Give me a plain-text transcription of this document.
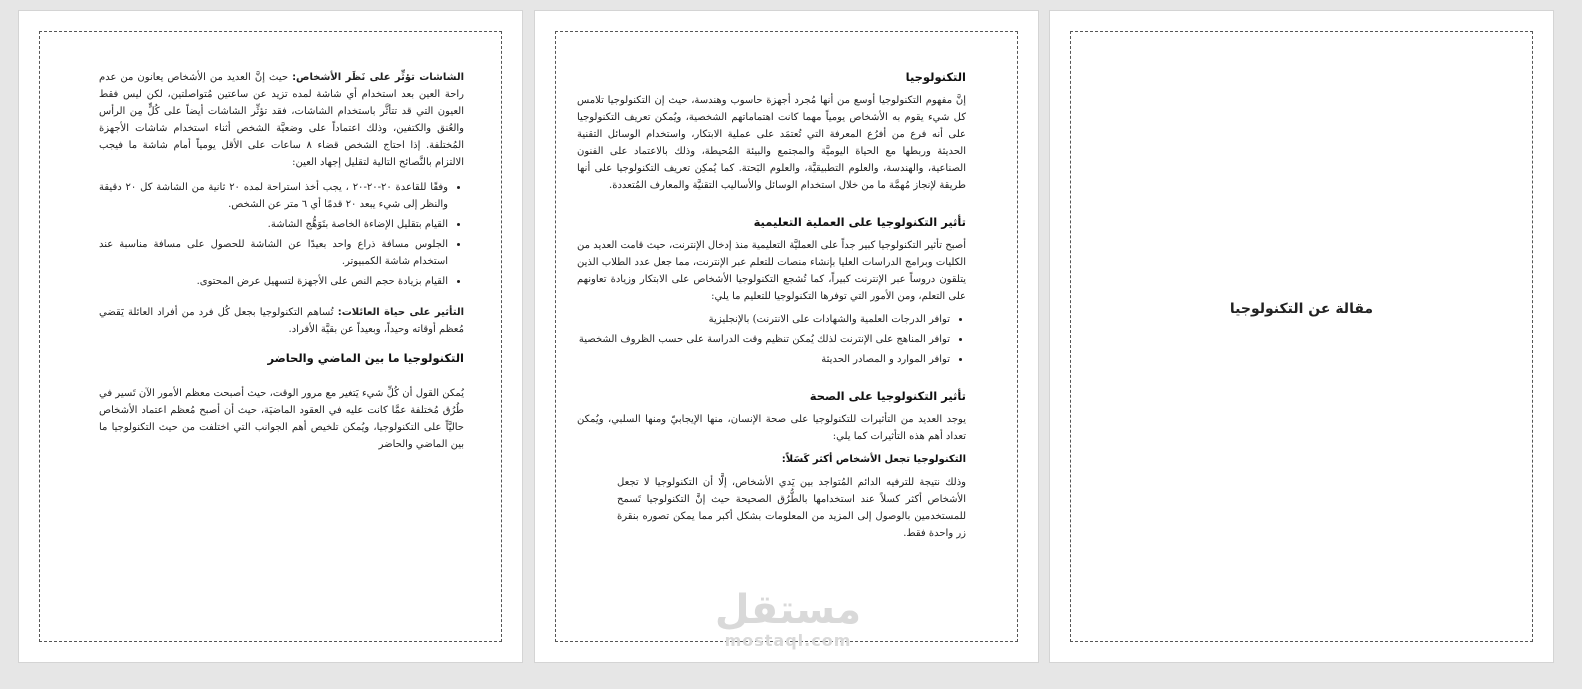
الشاشات تؤثِّر على نَظَر الأشخاص: حيث إنَّ العديد من الأشخاص يعانون من عدم راحة العين بعد استخدام أي شاشة لمده تزيد عن ساعتين مُتواصلتين، لكن ليس فقط العيون التي قد تتأثَّر باستخدام الشاشات، فقد تؤثِّر الشاشات أيضاً على كُلٍّ مِن الرأس والعُنق والكتفين، وذلك اعتماداً على وضعيَّة الشخص أثناء استخدام شاشات الأجهزة المُختلفة. إذا احتاج الشخص قضاء ٨ ساعات على الأقل يومياً أمام شاشة ما فيجب الالتزام بالنَّصائح التالية لتقليل إجهاد العين:

• وفقًا للقاعدة ٢٠-٢٠-٢٠ ، يجب أخذ استراحة لمده ٢٠ ثانية من الشاشة كل ٢٠ دقيقة والنظر إلى شيء يبعد ٢٠ قدمًا أي ٦ متر عن الشخص.
• القيام بتقليل الإضاءة الخاصة بتَوَهُّج الشاشة.
• الجلوس مسافة ذراع واحد بعيدًا عن الشاشة للحصول على مسافة مناسبة عند استخدام شاشة الكمبيوتر.
• القيام بزيادة حجم النص على الأجهزة لتسهيل عرض المحتوى.

التأثير على حياة العائلات: تُساهم التكنولوجيا بجعل كُل فرد من أفراد العائلة يَقضي مُعظم أوقاته وحيداً، وبعيداً عن بقيَّة الأفراد.

التكنولوجيا ما بين الماضي والحاضر

يُمكن القول أن كُلِّ شيء يَتغير مع مرور الوقت، حيث أصبحت معظم الأمور الآن تَسير في طُرُق مُختلفة عمَّا كانت عليه في العقود الماضيَة، حيث أن أصبح مُعظم اعتماد الأشخاص حاليَّاً على التكنولوجيا، ويُمكن تلخيص أهم الجوانب التي اختلفت من حيث التكنولوجيا ما بين الماضي والحاضر

التكنولوجيا

إنَّ مفهوم التكنولوجيا أوسع من أنها مُجرد أجهزة حاسوب وهندسة، حيث إن التكنولوجيا تلامس كل شيء يقوم به الأشخاص يومياً مهما كانت اهتماماتهم الشخصية، ويُمكن تعريف التكنولوجيا على أنه فرع من أفرُع المعرفة التي تُعتمَد على عملية الابتكار، واستخدام الوسائل التقنية الحديثة وربطها مع الحياة اليوميَّة والمجتمع والبيئة المُحيطة، وذلك بالاعتماد على الفنون الصناعية، والهندسة، والعلوم التطبيقيَّة، والعلوم البَحتة. كما يُمكِن تعريف التكنولوجيا على أنها طريقة لإنجاز مُهمَّة ما من خلال استخدام الوسائل والأساليب التقنيَّة والمعارف المُتعددة.

تأثير التكنولوجيا على العملية التعليمية

أصبح تأثير التكنولوجيا كبير جداً على العمليَّة التعليمية منذ إدخال الإنترنت، حيث قامت العديد من الكليات وبرامج الدراسات العليا بإنشاء منصات للتعلم عبر الإنترنت، مما جعل عدد الطلاب الذين يتلقون دروساً عبر الإنترنت كبيراً، كما تُشجع التكنولوجيا الأشخاص على الابتكار وزيادة تعاونهم على التعلم، ومن الأمور التي توفرها التكنولوجيا للتعليم ما يلي:

• توافر الدرجات العلمية والشهادات على الانترنت) بالإنجليزية
• توافر المناهج على الإنترنت لذلك يُمكن تنظيم وقت الدراسة على حسب الظروف الشخصية
• توافر الموارد و المصادر الحديثة

تأثير التكنولوجيا على الصحة

يوجد العديد من التأثيرات للتكنولوجيا على صحة الإنسان، منها الإيجابيّ ومنها السلبي، ويُمكن تعداد أهم هذه التأثيرات كما يلي:

التكنولوجيا تجعل الأشخاص أكثر كَسَلاً:

وذلك نتيجة للترفيه الدائم المُتواجد بين يَدي الأشخاص، إلَّا أن التكنولوجيا لا تجعل الأشخاص أكثر كسلاً عند استخدامها بالطُّرُق الصحيحة حيث إنَّ التكنولوجيا تَسمح للمستخدمين بالوصول إلى المزيد من المعلومات بشكل أكبر مما يمكن تصوره بنقرة زر واحدة فقط.

مقالة عن التكنولوجيا
مستقل
mostaql.com
